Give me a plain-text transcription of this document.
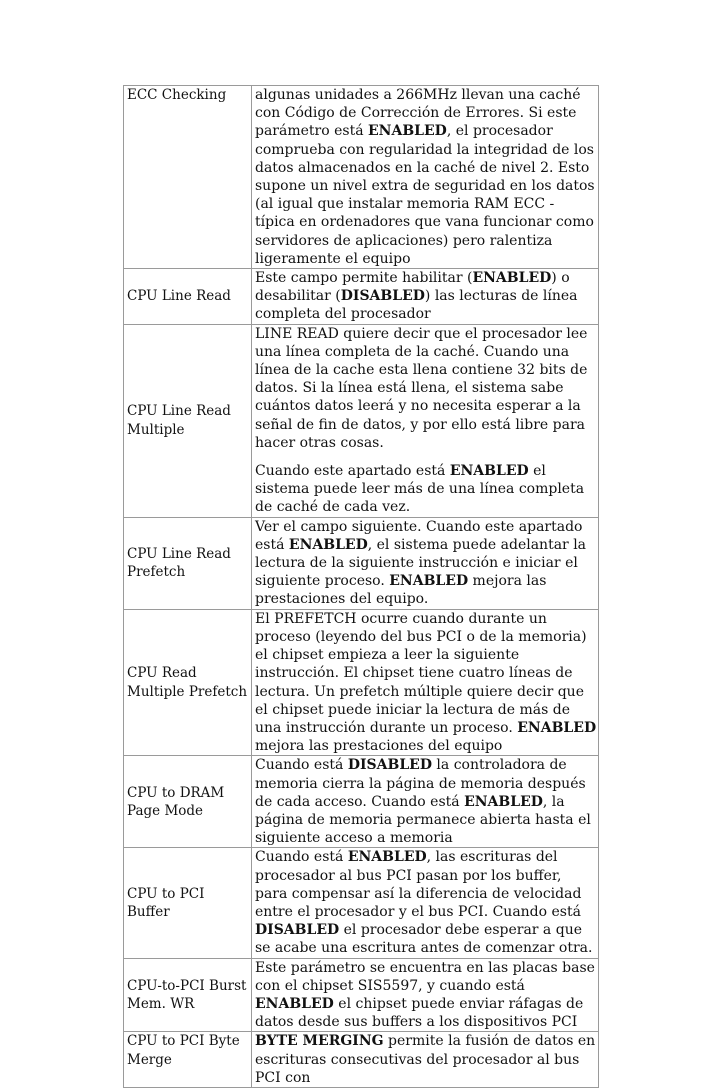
ECC Checking	algunas unidades a 266MHz llevan una caché con Código de Corrección de Errores. Si este parámetro está ENABLED, el procesador comprueba con regularidad la integridad de los datos almacenados en la caché de nivel 2. Esto supone un nivel extra de seguridad en los datos (al igual que instalar memoria RAM ECC - típica en ordenadores que vana funcionar como servidores de aplicaciones) pero ralentiza ligeramente el equipo

CPU Line Read	Este campo permite habilitar (ENABLED) o desabilitar (DISABLED) las lecturas de línea completa del procesador

CPU Line Read Multiple	LINE READ quiere decir que el procesador lee una línea completa de la caché. Cuando una línea de la cache esta llena contiene 32 bits de datos. Si la línea está llena, el sistema sabe cuántos datos leerá y no necesita esperar a la señal de fin de datos, y por ello está libre para hacer otras cosas.

Cuando este apartado está ENABLED el sistema puede leer más de una línea completa de caché de cada vez.

CPU Line Read Prefetch	Ver el campo siguiente. Cuando este apartado está ENABLED, el sistema puede adelantar la lectura de la siguiente instrucción e iniciar el siguiente proceso. ENABLED mejora las prestaciones del equipo.

CPU Read Multiple Prefetch	El PREFETCH ocurre cuando durante un proceso (leyendo del bus PCI o de la memoria) el chipset empieza a leer la siguiente instrucción. El chipset tiene cuatro líneas de lectura. Un prefetch múltiple quiere decir que el chipset puede iniciar la lectura de más de una instrucción durante un proceso. ENABLED mejora las prestaciones del equipo

CPU to DRAM Page Mode	Cuando está DISABLED la controladora de memoria cierra la página de memoria después de cada acceso. Cuando está ENABLED, la página de memoria permanece abierta hasta el siguiente acceso a memoria

CPU to PCI Buffer	Cuando está ENABLED, las escrituras del procesador al bus PCI pasan por los buffer, para compensar así la diferencia de velocidad entre el procesador y el bus PCI. Cuando está DISABLED el procesador debe esperar a que se acabe una escritura antes de comenzar otra.

CPU-to-PCI Burst Mem. WR	Este parámetro se encuentra en las placas base con el chipset SIS5597, y cuando está ENABLED el chipset puede enviar ráfagas de datos desde sus buffers a los dispositivos PCI

CPU to PCI Byte Merge	BYTE MERGING permite la fusión de datos en escrituras consecutivas del procesador al bus PCI con
